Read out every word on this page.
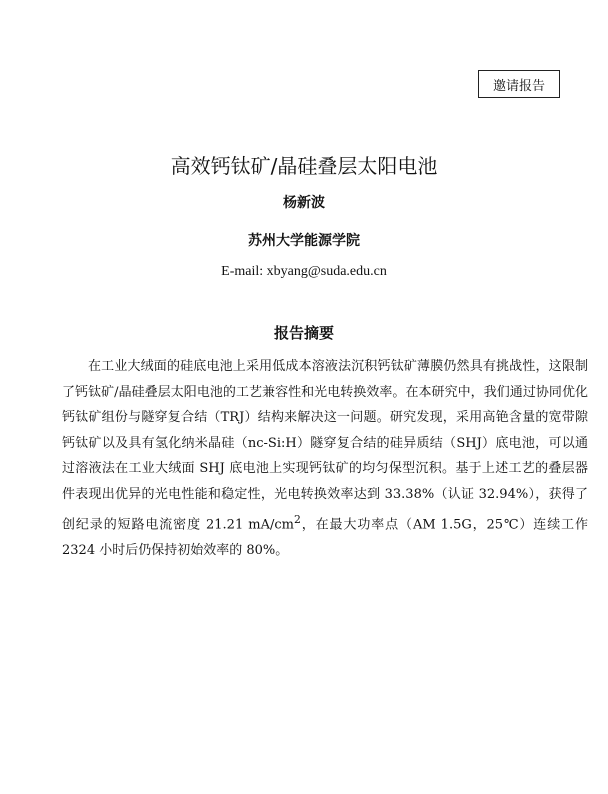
邀请报告
高效钙钛矿/晶硅叠层太阳电池
杨新波
苏州大学能源学院
E-mail: xbyang@suda.edu.cn
报告摘要

在工业大绒面的硅底电池上采用低成本溶液法沉积钙钛矿薄膜仍然具有挑战性，这限制了钙钛矿/晶硅叠层太阳电池的工艺兼容性和光电转换效率。在本研究中，我们通过协同优化钙钛矿组份与隧穿复合结（TRJ）结构来解决这一问题。研究发现，采用高铯含量的宽带隙钙钛矿以及具有氢化纳米晶硅（nc-Si:H）隧穿复合结的硅异质结（SHJ）底电池，可以通过溶液法在工业大绒面 SHJ 底电池上实现钙钛矿的均匀保型沉积。基于上述工艺的叠层器件表现出优异的光电性能和稳定性，光电转换效率达到 33.38%（认证 32.94%），获得了创纪录的短路电流密度 21.21 $mA/cm^2$，在最大功率点（AM 1.5G，25℃）连续工作 2324 小时后仍保持初始效率的 80%。
